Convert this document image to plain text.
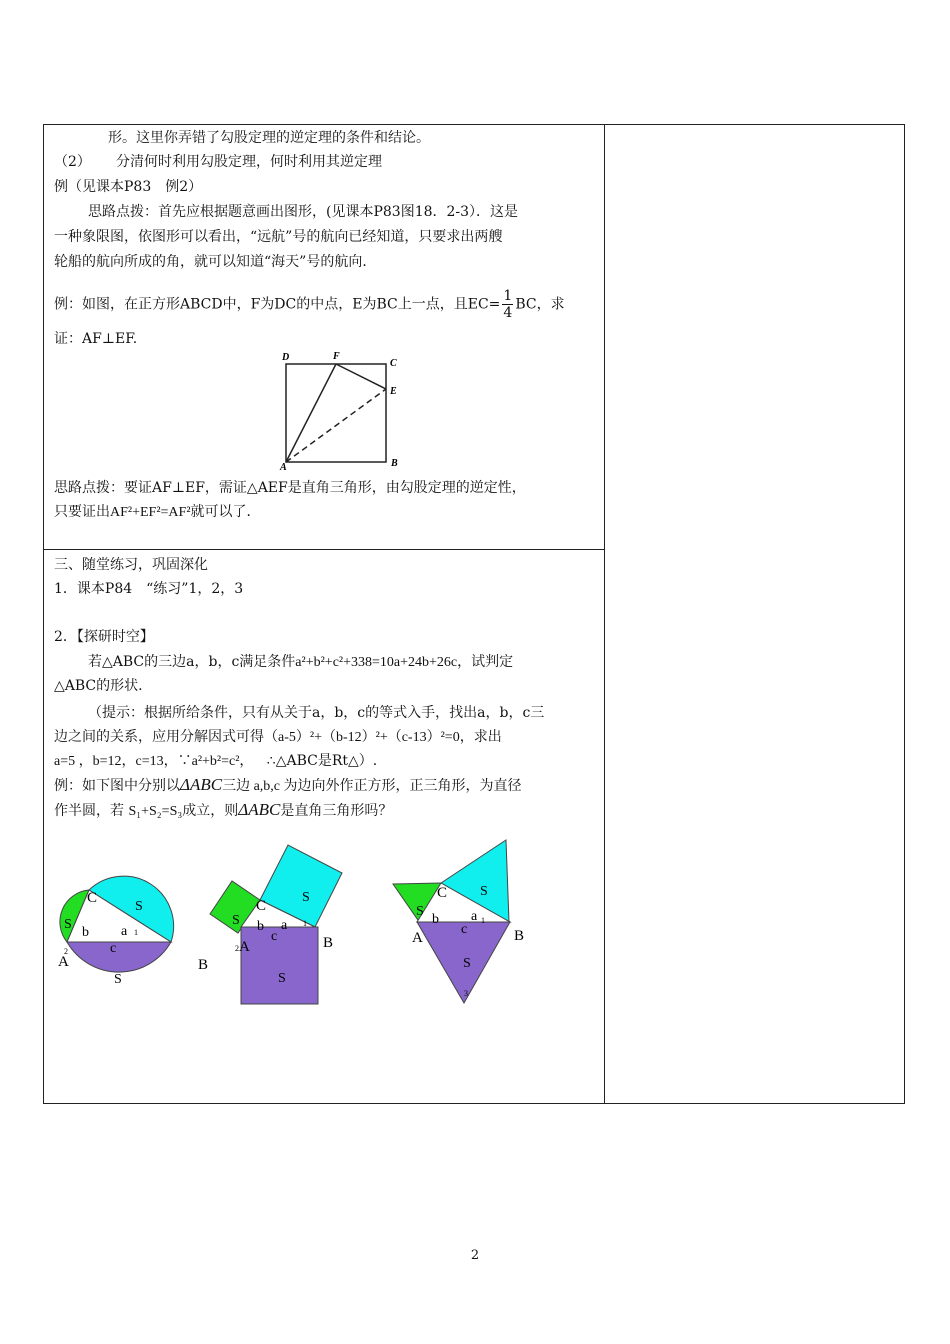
形。这里你弄错了勾股定理的逆定理的条件和结论。
（2） 分清何时利用勾股定理，何时利用其逆定理
例（见课本P83　例2）
思路点拨：首先应根据题意画出图形，(见课本P83图18．2-3）．这是
一种象限图，依图形可以看出，“远航”号的航向已经知道，只要求出两艘
轮船的航向所成的角，就可以知道“海天”号的航向．
例：如图，在正方形ABCD中，F为DC的中点，E为BC上一点，且$EC= \frac{1}{4}$ BC，求
证：AF⊥EF.
D	F
C
E
A	B
思路点拨：要证AF⊥EF，需证△AEF是直角三角形，由勾股定理的逆定性，
只要证出AF²+EF²=AF²就可以了．
三、随堂练习，巩固深化
1．课本P84　“练习”1，2，3
2．【探研时空】
若△ABC的三边a，b，c满足条件a²+b²+c²+338=10a+24b+26c，试判定
△ABC的形状.
（提示：根据所给条件，只有从关于a，b，c的等式入手，找出a，b，c三
边之间的关系，应用分解因式可得（a-5）²+（b-12）²+（c-13）²=0，求出
a=5 ，b=12，c=13，∵a²+b²=c²， ∴△ABC是Rt△）.
例：如下图中分别以ΔABC三边 a,b,c 为边向外作正方形，正三角形，为直径
作半圆，若 S₁+S₂=S₃成立，则ΔABC是直角三角形吗？
C
S
A
2
S
1
b a
c
S
B
C
S
2 A
S
1
b a
c	B
S
C
S
S
b a 1
c
A	B
S
3
2
